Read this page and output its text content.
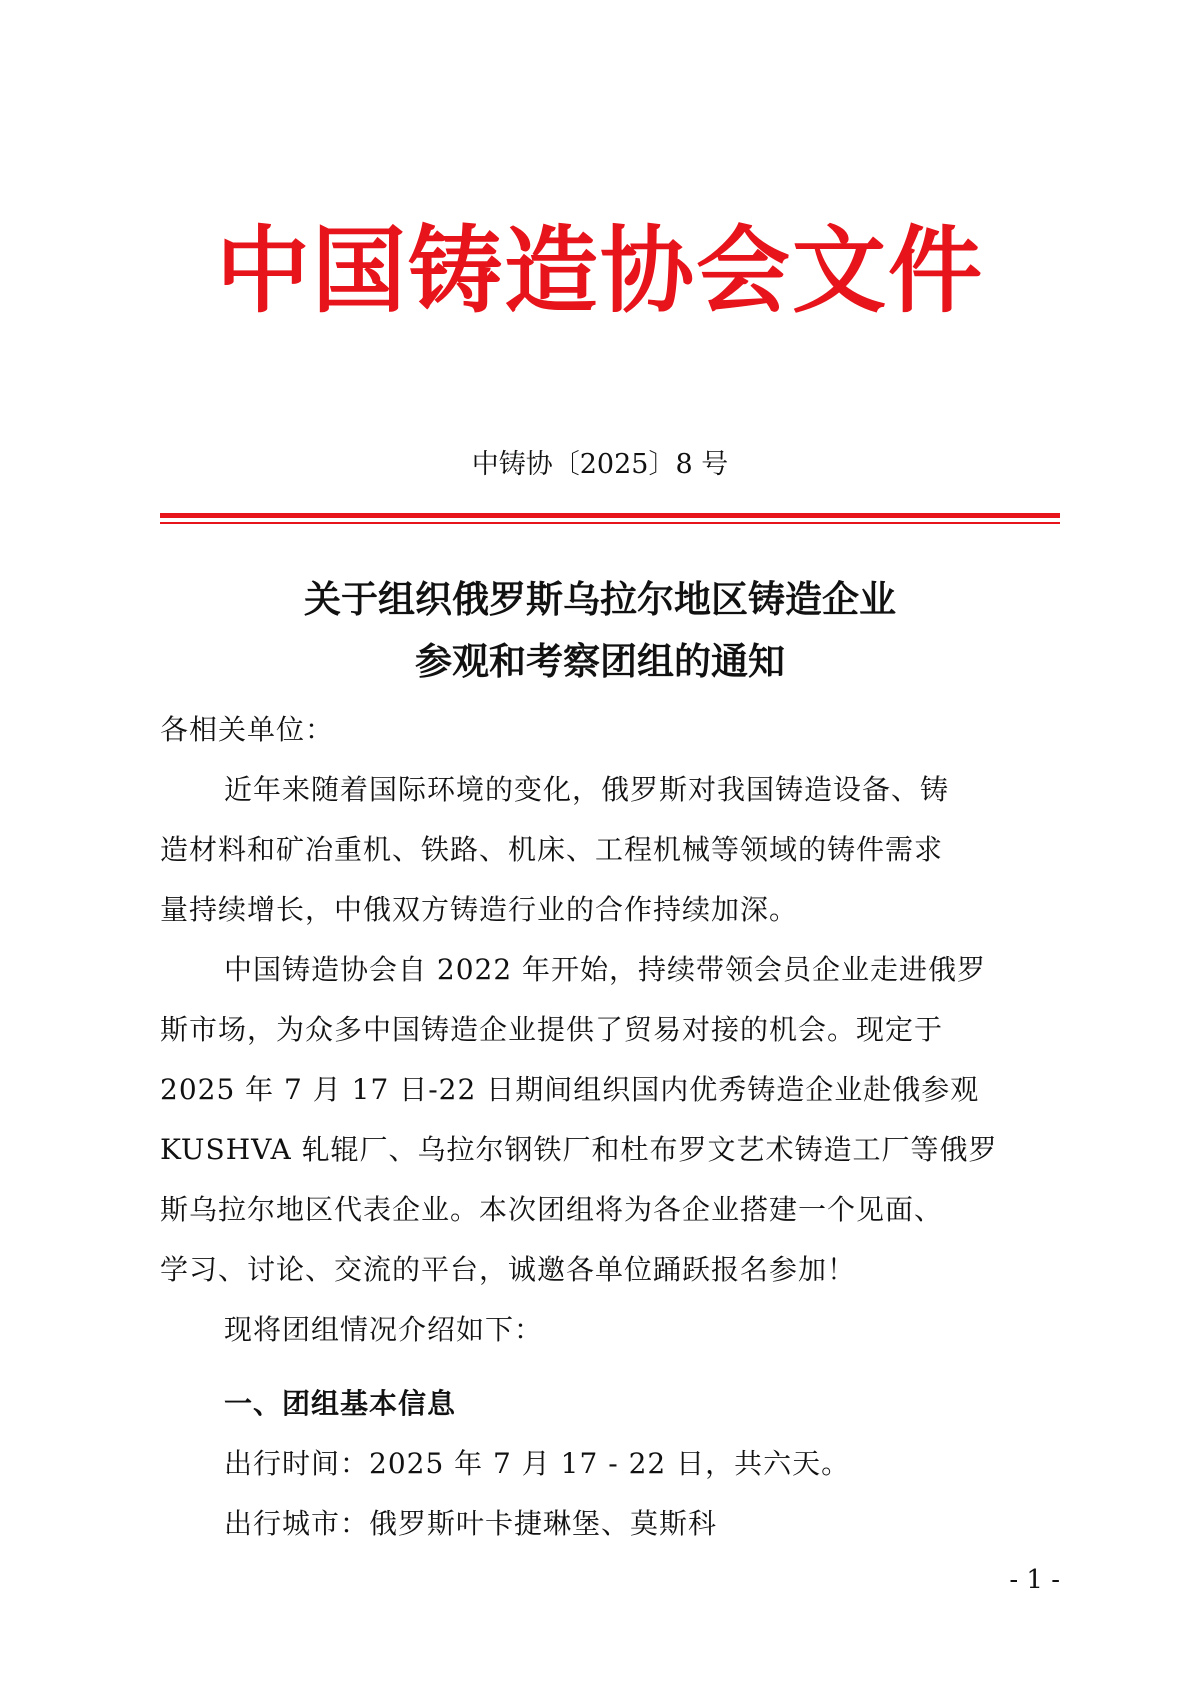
中国铸造协会文件
中铸协〔2025〕8 号
关于组织俄罗斯乌拉尔地区铸造企业
参观和考察团组的通知
各相关单位：
近年来随着国际环境的变化，俄罗斯对我国铸造设备、铸
造材料和矿冶重机、铁路、机床、工程机械等领域的铸件需求
量持续增长，中俄双方铸造行业的合作持续加深。
中国铸造协会自 2022 年开始，持续带领会员企业走进俄罗
斯市场，为众多中国铸造企业提供了贸易对接的机会。现定于
2025 年 7 月 17 日-22 日期间组织国内优秀铸造企业赴俄参观
KUSHVA 轧辊厂、乌拉尔钢铁厂和杜布罗文艺术铸造工厂等俄罗
斯乌拉尔地区代表企业。本次团组将为各企业搭建一个见面、
学习、讨论、交流的平台，诚邀各单位踊跃报名参加！
现将团组情况介绍如下：
一、团组基本信息
出行时间：2025 年 7 月 17 - 22 日，共六天。
出行城市：俄罗斯叶卡捷琳堡、莫斯科
- 1 -
